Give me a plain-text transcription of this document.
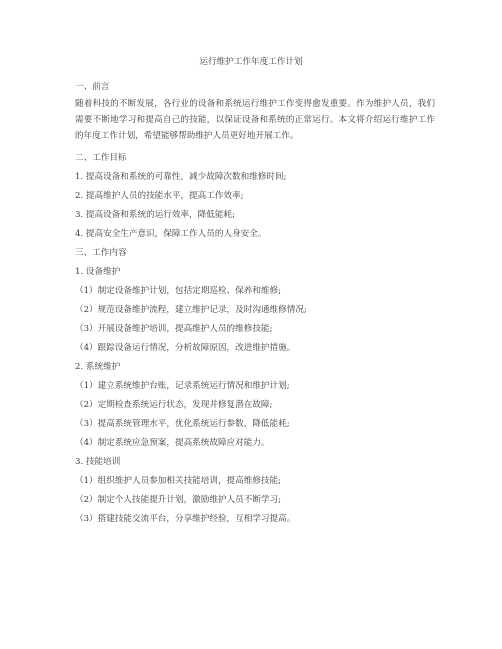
运行维护工作年度工作计划
一、前言
随着科技的不断发展，各行业的设备和系统运行维护工作变得愈发重要。作为维护人员，我们需要不断地学习和提高自己的技能，以保证设备和系统的正常运行。本文将介绍运行维护工作的年度工作计划，希望能够帮助维护人员更好地开展工作。
二、工作目标
1. 提高设备和系统的可靠性，减少故障次数和维修时间;
2. 提高维护人员的技能水平，提高工作效率;
3. 提高设备和系统的运行效率，降低能耗;
4. 提高安全生产意识，保障工作人员的人身安全。
三、工作内容
1. 设备维护
（1）制定设备维护计划，包括定期巡检、保养和维修;
（2）规范设备维护流程，建立维护记录，及时沟通维修情况;
（3）开展设备维护培训，提高维护人员的维修技能;
（4）跟踪设备运行情况，分析故障原因，改进维护措施。
2. 系统维护
（1）建立系统维护台账，记录系统运行情况和维护计划;
（2）定期检查系统运行状态，发现并修复潜在故障;
（3）提高系统管理水平，优化系统运行参数，降低能耗;
（4）制定系统应急预案，提高系统故障应对能力。
3. 技能培训
（1）组织维护人员参加相关技能培训，提高维修技能;
（2）制定个人技能提升计划，激励维护人员不断学习;
（3）搭建技能交流平台，分享维护经验，互相学习提高。
